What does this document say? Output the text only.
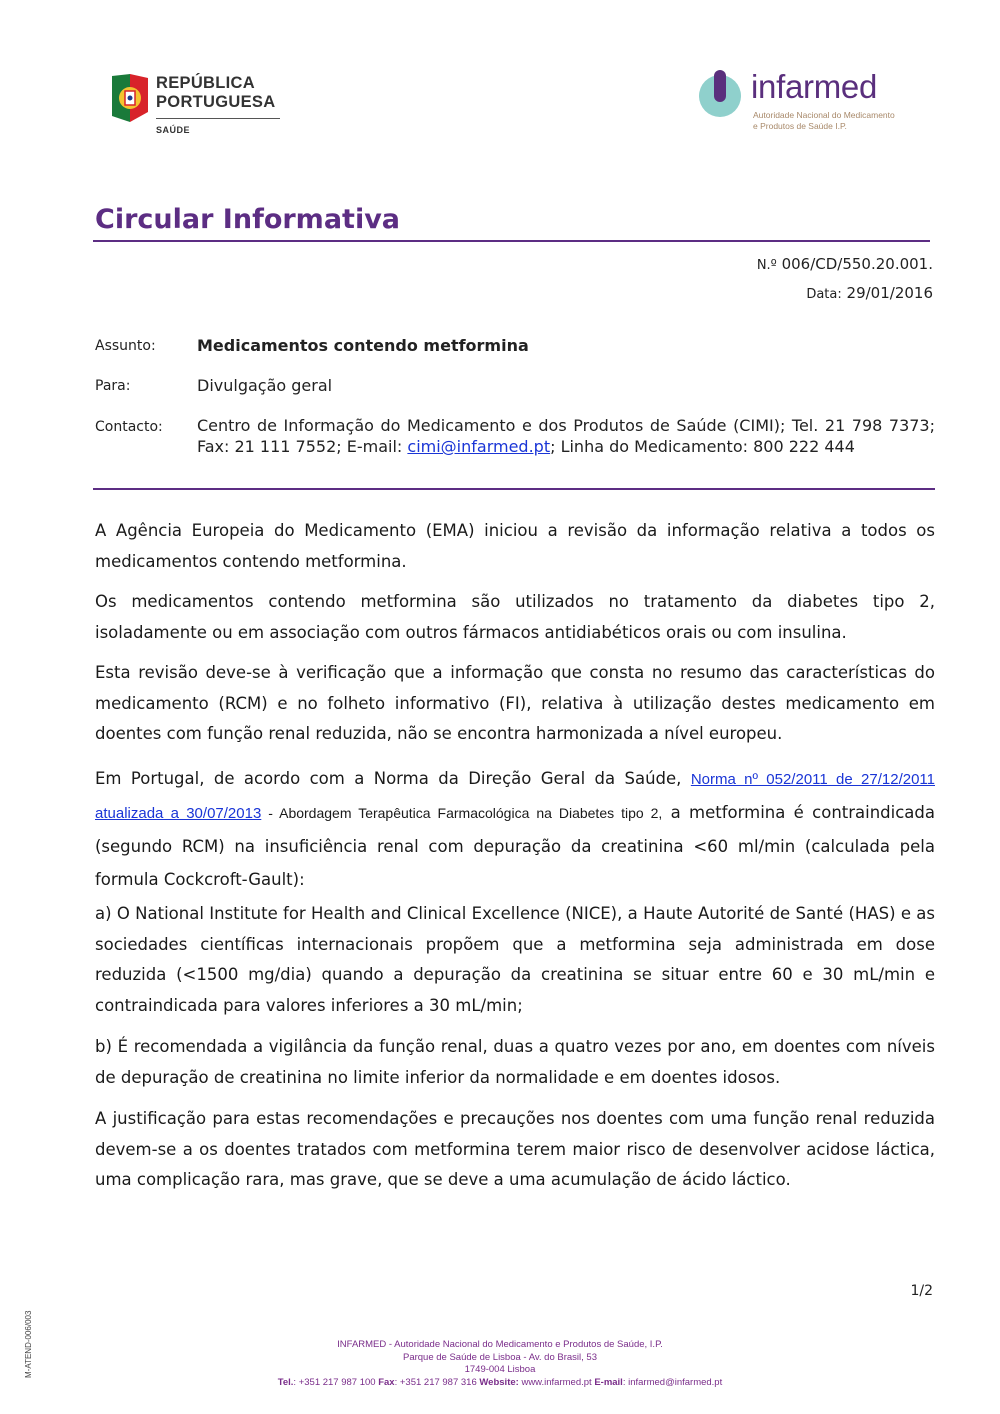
REPÚBLICA
PORTUGUESA
SAÚDE
infarmed
Autoridade Nacional do Medicamento
e Produtos de Saúde I.P.
Circular Informativa
N.º 006/CD/550.20.001.
Data: 29/01/2016
Assunto:	Medicamentos contendo metformina
Para:	Divulgação geral
Contacto: Centro de Informação do Medicamento e dos Produtos de Saúde (CIMI); Tel. 21 798 7373; Fax: 21 111 7552; E-mail: cimi@infarmed.pt; Linha do Medicamento: 800 222 444

A Agência Europeia do Medicamento (EMA) iniciou a revisão da informação relativa a todos os medicamentos contendo metformina.

Os medicamentos contendo metformina são utilizados no tratamento da diabetes tipo 2, isoladamente ou em associação com outros fármacos antidiabéticos orais ou com insulina.

Esta revisão deve-se à verificação que a informação que consta no resumo das características do medicamento (RCM) e no folheto informativo (FI), relativa à utilização destes medicamento em doentes com função renal reduzida, não se encontra harmonizada a nível europeu.

Em Portugal, de acordo com a Norma da Direção Geral da Saúde, Norma nº 052/2011 de 27/12/2011 atualizada a 30/07/2013 - Abordagem Terapêutica Farmacológica na Diabetes tipo 2, a metformina é contraindicada (segundo RCM) na insuficiência renal com depuração da creatinina <60 ml/min (calculada pela formula Cockcroft-Gault):

a) O National Institute for Health and Clinical Excellence (NICE), a Haute Autorité de Santé (HAS) e as sociedades científicas internacionais propõem que a metformina seja administrada em dose reduzida (<1500 mg/dia) quando a depuração da creatinina se situar entre 60 e 30 mL/min e contraindicada para valores inferiores a 30 mL/min;

b) É recomendada a vigilância da função renal, duas a quatro vezes por ano, em doentes com níveis de depuração de creatinina no limite inferior da normalidade e em doentes idosos.

A justificação para estas recomendações e precauções nos doentes com uma função renal reduzida devem-se a os doentes tratados com metformina terem maior risco de desenvolver acidose láctica, uma complicação rara, mas grave, que se deve a uma acumulação de ácido láctico.

1/2
M-ATEND-006/003	INFARMED - Autoridade Nacional do Medicamento e Produtos de Saúde, I.P.
Parque de Saúde de Lisboa - Av. do Brasil, 53
1749-004 Lisboa
Tel.: +351 217 987 100 Fax: +351 217 987 316 Website: www.infarmed.pt E-mail: infarmed@infarmed.pt
